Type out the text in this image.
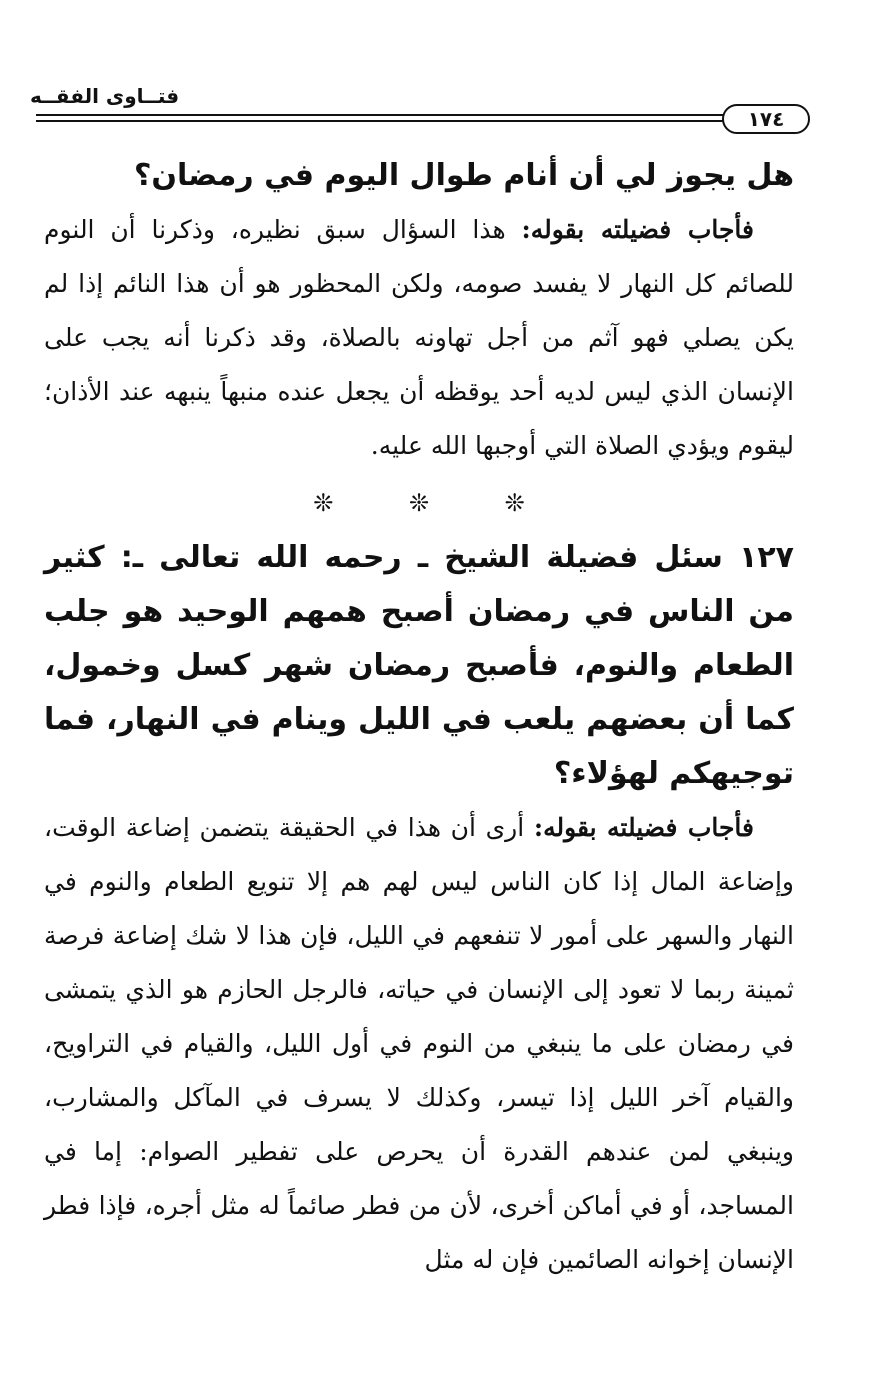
فتــاوى الفقــه
١٧٤

هل يجوز لي أن أنام طوال اليوم في رمضان؟

فأجاب فضيلته بقوله: هذا السؤال سبق نظيره، وذكرنا أن النوم للصائم كل النهار لا يفسد صومه، ولكن المحظور هو أن هذا النائم إذا لم يكن يصلي فهو آثم من أجل تهاونه بالصلاة، وقد ذكرنا أنه يجب على الإنسان الذي ليس لديه أحد يوقظه أن يجعل عنده منبهاً ينبهه عند الأذان؛ ليقوم ويؤدي الصلاة التي أوجبها الله عليه.

❊ ❊ ❊

١٢٧ سئل فضيلة الشيخ ـ رحمه الله تعالى ـ: كثير من الناس في رمضان أصبح همهم الوحيد هو جلب الطعام والنوم، فأصبح رمضان شهر كسل وخمول، كما أن بعضهم يلعب في الليل وينام في النهار، فما توجيهكم لهؤلاء؟

فأجاب فضيلته بقوله: أرى أن هذا في الحقيقة يتضمن إضاعة الوقت، وإضاعة المال إذا كان الناس ليس لهم هم إلا تنويع الطعام والنوم في النهار والسهر على أمور لا تنفعهم في الليل، فإن هذا لا شك إضاعة فرصة ثمينة ربما لا تعود إلى الإنسان في حياته، فالرجل الحازم هو الذي يتمشى في رمضان على ما ينبغي من النوم في أول الليل، والقيام في التراويح، والقيام آخر الليل إذا تيسر، وكذلك لا يسرف في المآكل والمشارب، وينبغي لمن عندهم القدرة أن يحرص على تفطير الصوام: إما في المساجد، أو في أماكن أخرى، لأن من فطر صائماً له مثل أجره، فإذا فطر الإنسان إخوانه الصائمين فإن له مثل
